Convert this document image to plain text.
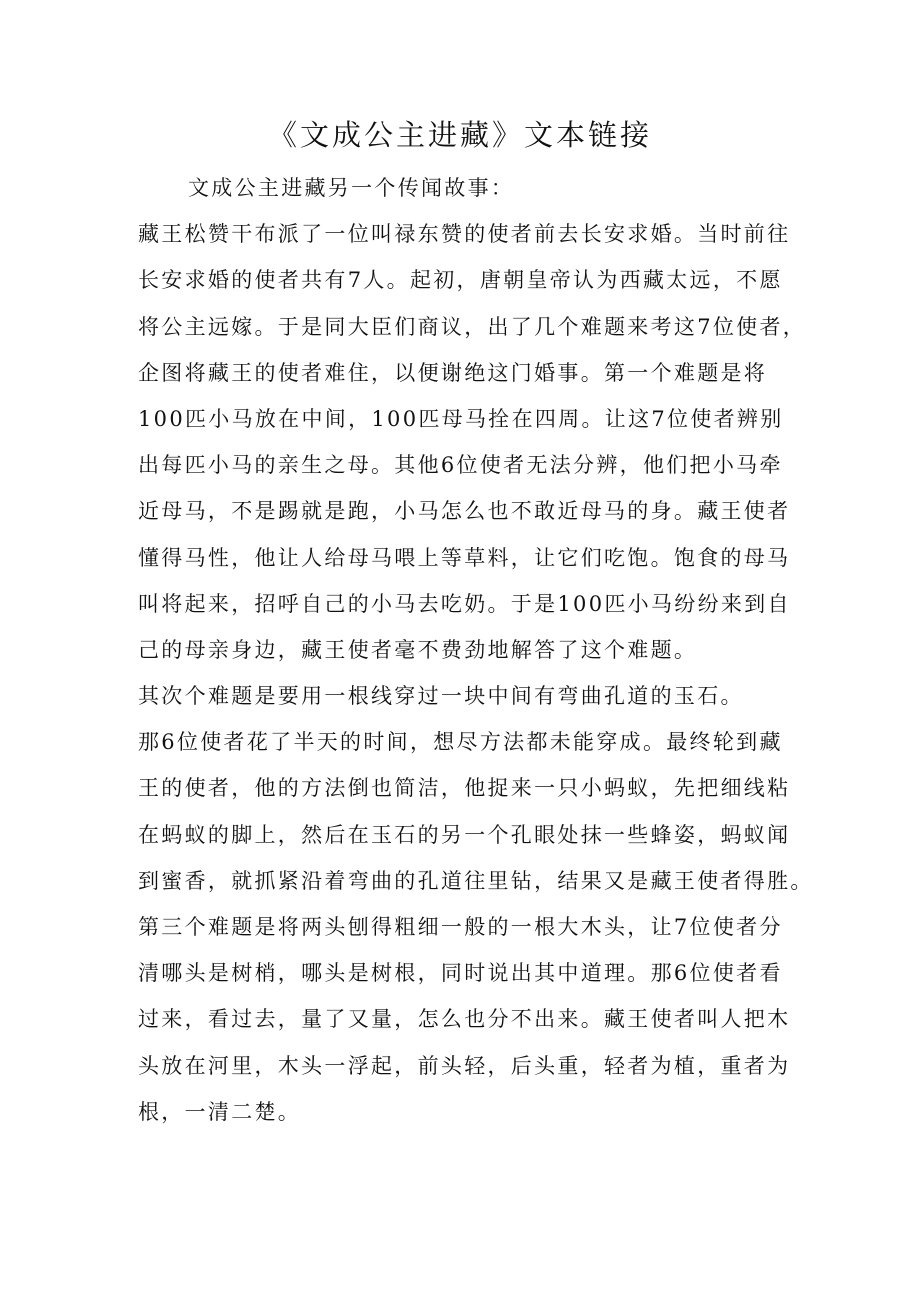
《文成公主进藏》文本链接

文成公主进藏另一个传闻故事：

藏王松赞干布派了一位叫禄东赞的使者前去长安求婚。当时前往

长安求婚的使者共有7人。起初，唐朝皇帝认为西藏太远，不愿

将公主远嫁。于是同大臣们商议，出了几个难题来考这7位使者，

企图将藏王的使者难住，以便谢绝这门婚事。第一个难题是将

100匹小马放在中间，100匹母马拴在四周。让这7位使者辨别

出每匹小马的亲生之母。其他6位使者无法分辨，他们把小马牵

近母马，不是踢就是跑，小马怎么也不敢近母马的身。藏王使者

懂得马性，他让人给母马喂上等草料，让它们吃饱。饱食的母马

叫将起来，招呼自己的小马去吃奶。于是100匹小马纷纷来到自

己的母亲身边，藏王使者毫不费劲地解答了这个难题。

其次个难题是要用一根线穿过一块中间有弯曲孔道的玉石。

那6位使者花了半天的时间，想尽方法都未能穿成。最终轮到藏

王的使者，他的方法倒也简洁，他捉来一只小蚂蚁，先把细线粘

在蚂蚁的脚上，然后在玉石的另一个孔眼处抹一些蜂姿，蚂蚁闻

到蜜香，就抓紧沿着弯曲的孔道往里钻，结果又是藏王使者得胜。

第三个难题是将两头刨得粗细一般的一根大木头，让7位使者分

清哪头是树梢，哪头是树根，同时说出其中道理。那6位使者看

过来，看过去，量了又量，怎么也分不出来。藏王使者叫人把木

头放在河里，木头一浮起，前头轻，后头重，轻者为植，重者为

根，一清二楚。
